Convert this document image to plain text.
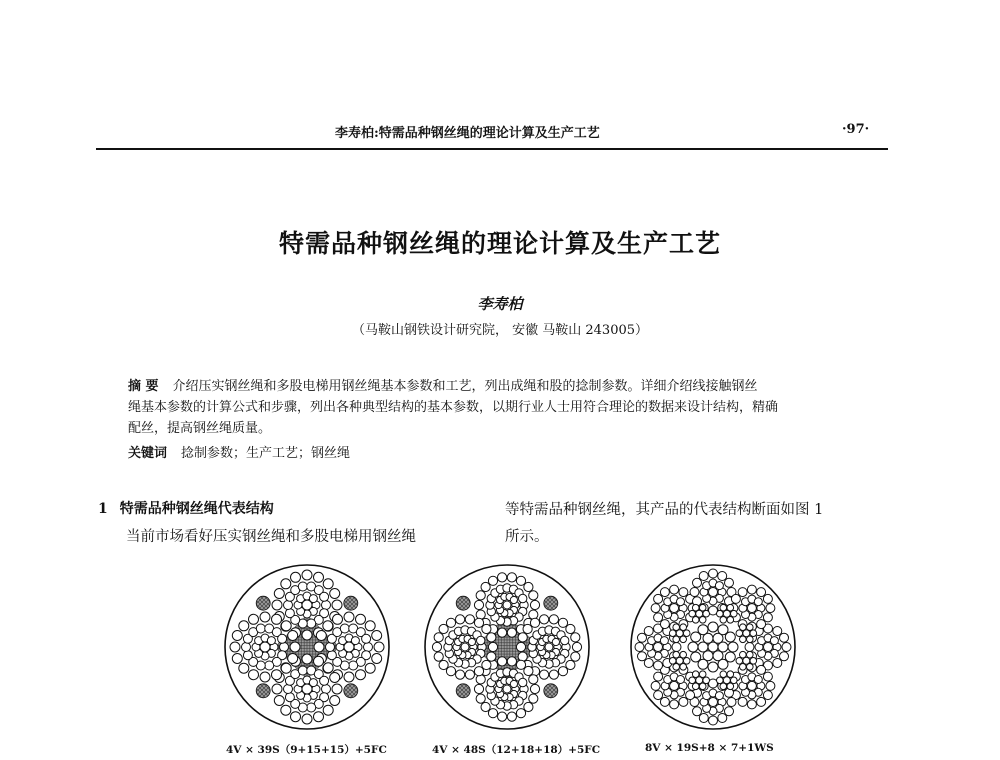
李寿柏:特需品种钢丝绳的理论计算及生产工艺	·97·
特需品种钢丝绳的理论计算及生产工艺
李寿柏
（马鞍山钢铁设计研究院， 安徽 马鞍山 243005）
摘 要 介绍压实钢丝绳和多股电梯用钢丝绳基本参数和工艺，列出成绳和股的捻制参数。详细介绍线接触钢丝
绳基本参数的计算公式和步骤，列出各种典型结构的基本参数，以期行业人士用符合理论的数据来设计结构，精确
配丝，提高钢丝绳质量。
关键词 捻制参数；生产工艺；钢丝绳
1 特需品种钢丝绳代表结构
当前市场看好压实钢丝绳和多股电梯用钢丝绳
等特需品种钢丝绳，其产品的代表结构断面如图 1
所示。
4V × 39S（9+15+15）+5FC	4V × 48S（12+18+18）+5FC	8V × 19S+8 × 7+1WS
